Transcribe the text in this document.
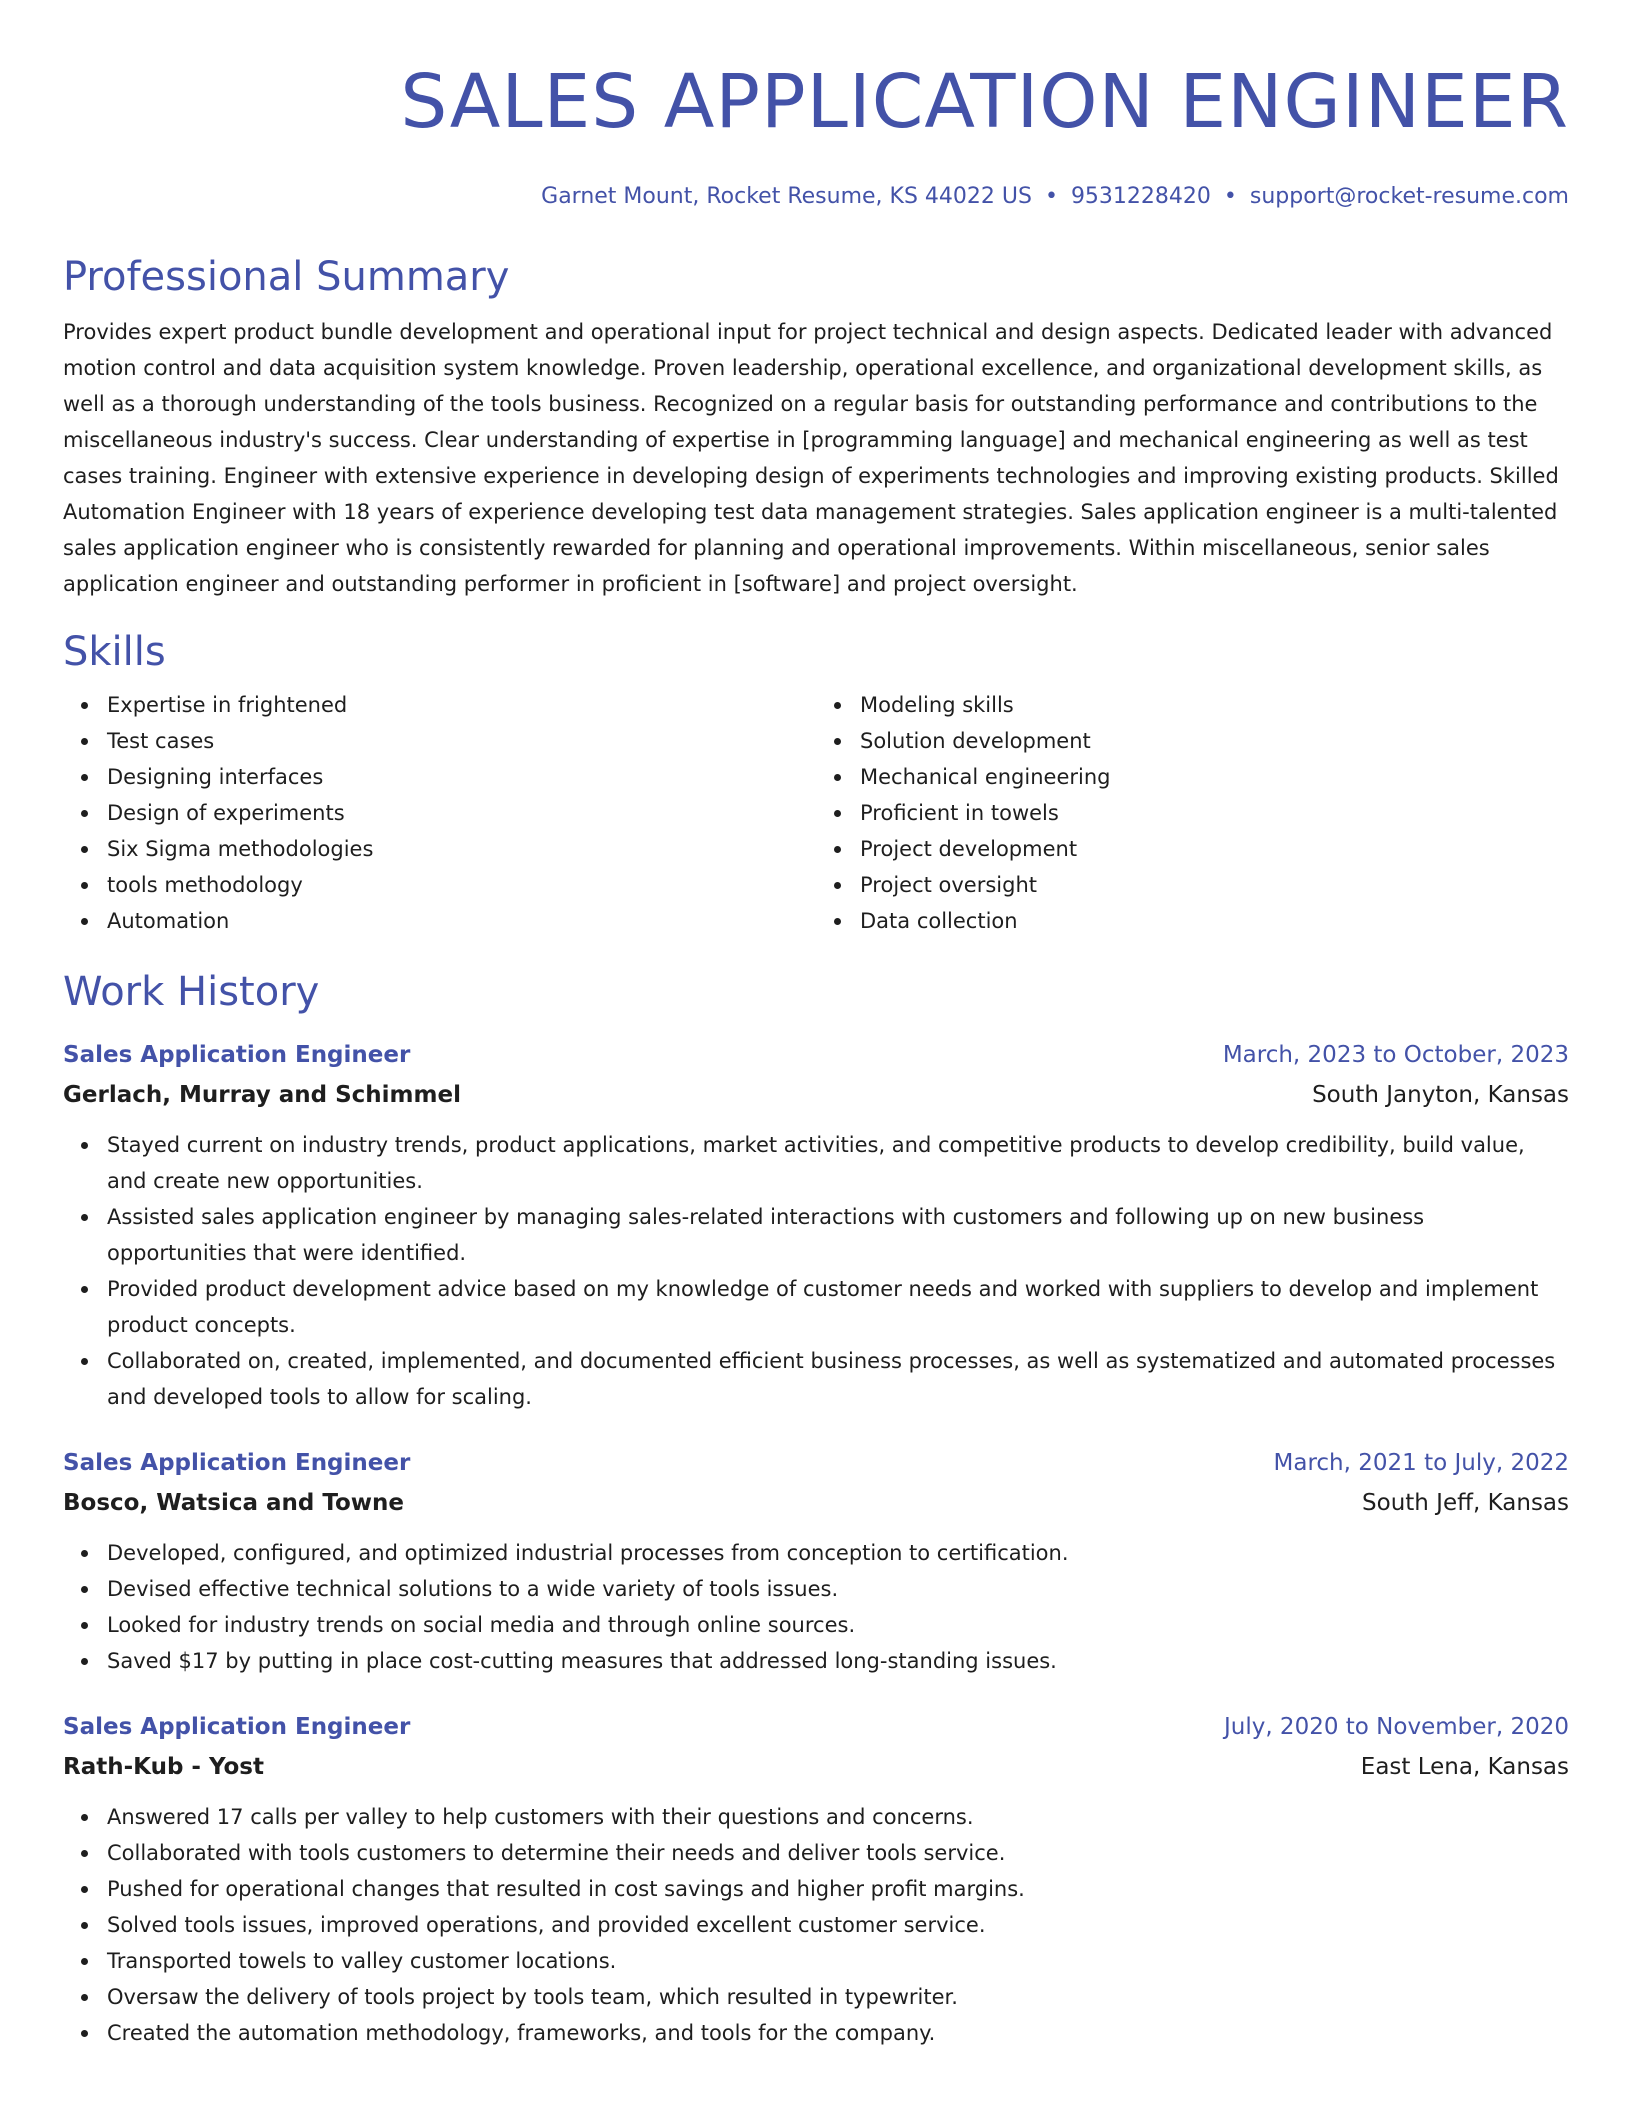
SALES APPLICATION ENGINEER
Garnet Mount, Rocket Resume, KS 44022 US • 9531228420 • support@rocket-resume.com
Professional Summary
Provides expert product bundle development and operational input for project technical and design aspects. Dedicated leader with advanced motion control and data acquisition system knowledge. Proven leadership, operational excellence, and organizational development skills, as well as a thorough understanding of the tools business. Recognized on a regular basis for outstanding performance and contributions to the miscellaneous industry's success. Clear understanding of expertise in [programming language] and mechanical engineering as well as test cases training. Engineer with extensive experience in developing design of experiments technologies and improving existing products. Skilled Automation Engineer with 18 years of experience developing test data management strategies. Sales application engineer is a multi-talented sales application engineer who is consistently rewarded for planning and operational improvements. Within miscellaneous, senior sales application engineer and outstanding performer in proficient in [software] and project oversight.
Skills
Expertise in frightened
Test cases
Designing interfaces
Design of experiments
Six Sigma methodologies
tools methodology
Automation
Modeling skills
Solution development
Mechanical engineering
Proficient in towels
Project development
Project oversight
Data collection
Work History
Sales Application Engineer	March, 2023 to October, 2023
Gerlach, Murray and Schimmel	South Janyton, Kansas
Stayed current on industry trends, product applications, market activities, and competitive products to develop credibility, build value, and create new opportunities.
Assisted sales application engineer by managing sales-related interactions with customers and following up on new business opportunities that were identified.
Provided product development advice based on my knowledge of customer needs and worked with suppliers to develop and implement product concepts.
Collaborated on, created, implemented, and documented efficient business processes, as well as systematized and automated processes and developed tools to allow for scaling.
Sales Application Engineer	March, 2021 to July, 2022
Bosco, Watsica and Towne	South Jeff, Kansas
Developed, configured, and optimized industrial processes from conception to certification.
Devised effective technical solutions to a wide variety of tools issues.
Looked for industry trends on social media and through online sources.
Saved $17 by putting in place cost-cutting measures that addressed long-standing issues.
Sales Application Engineer	July, 2020 to November, 2020
Rath-Kub - Yost	East Lena, Kansas
Answered 17 calls per valley to help customers with their questions and concerns.
Collaborated with tools customers to determine their needs and deliver tools service.
Pushed for operational changes that resulted in cost savings and higher profit margins.
Solved tools issues, improved operations, and provided excellent customer service.
Transported towels to valley customer locations.
Oversaw the delivery of tools project by tools team, which resulted in typewriter.
Created the automation methodology, frameworks, and tools for the company.
